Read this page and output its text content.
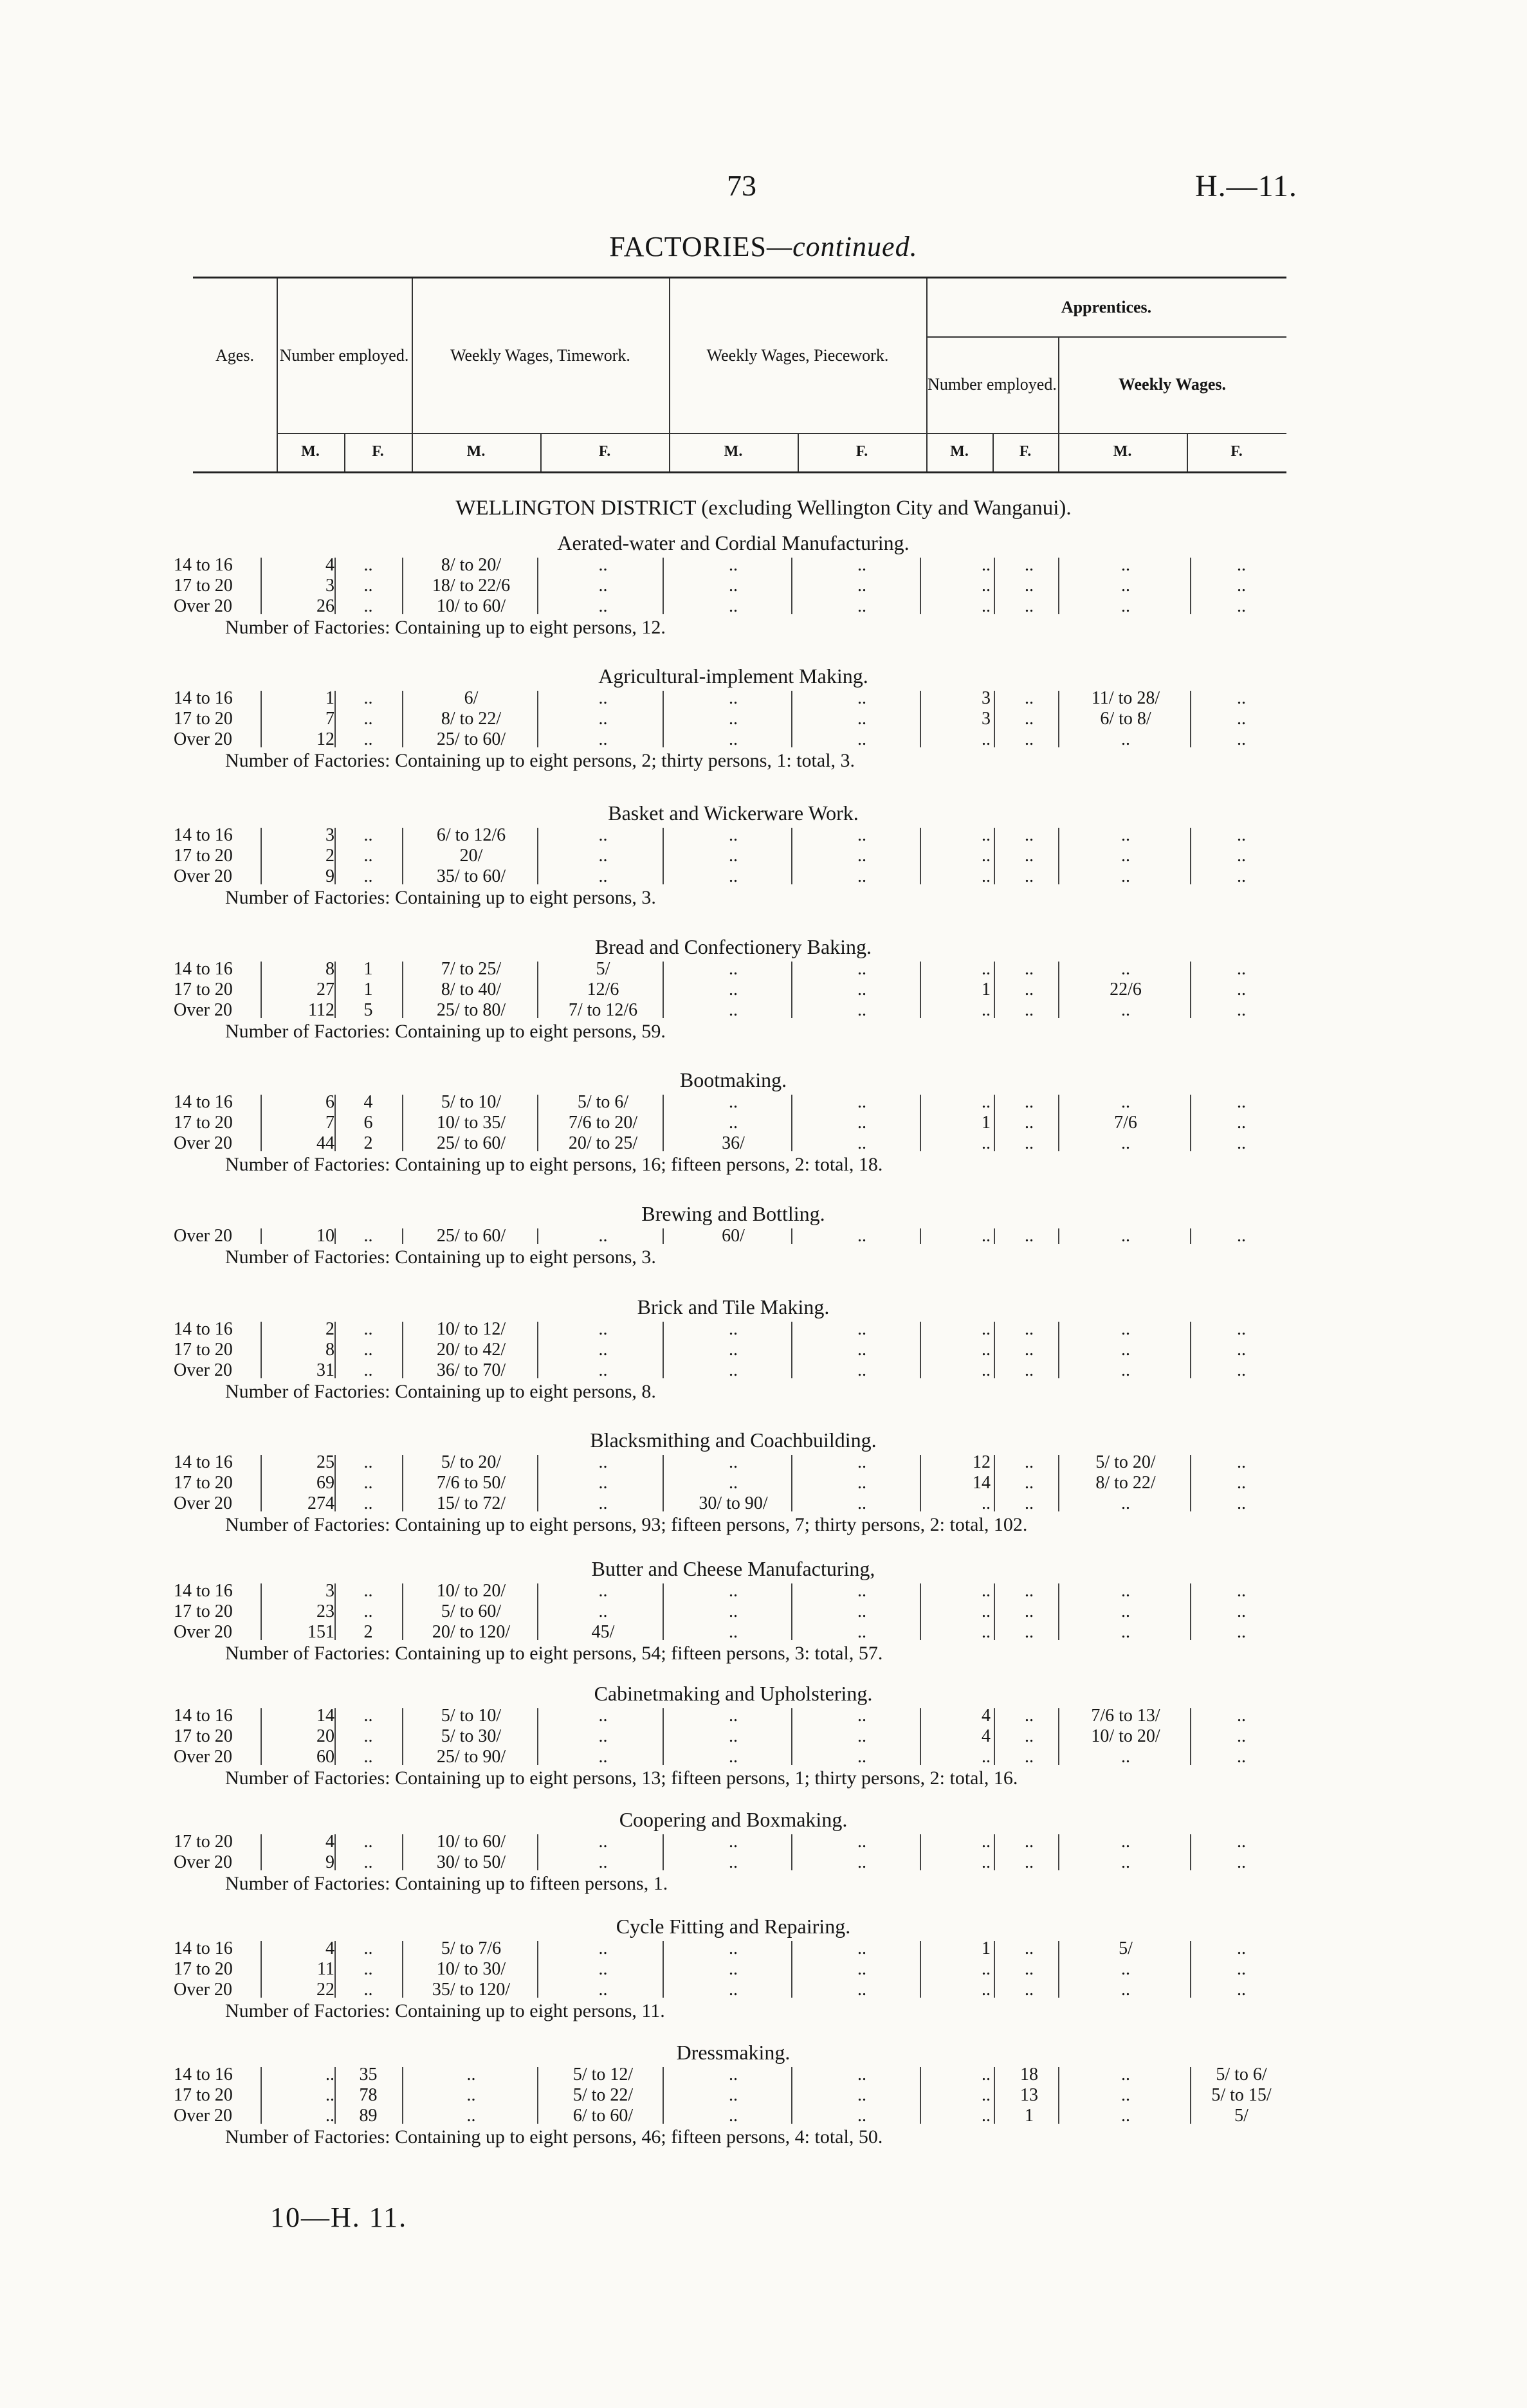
73	H.—11.
FACTORIES—continued.
Ages.	Number employed.	Weekly Wages, Timework.	Weekly Wages, Piecework.
Apprentices.
Number employed.	Weekly Wages.
M.	F.	M.	F.	M.	F.	M.	F.	M.	F.
WELLINGTON DISTRICT (excluding Wellington City and Wanganui).
Aerated-water and Cordial Manufacturing.
14 to 16	4	..	8/ to 20/	..	..	..	..	..	..	..
17 to 20	3	..	18/ to 22/6	..	..	..	..	..	..	..
Over 20	26	..	10/ to 60/	..	..	..	..	..	..	..
Number of Factories: Containing up to eight persons, 12.
Agricultural-implement Making.
14 to 16	1	..	6/	..	..	..	3	..	11/ to 28/	..
17 to 20	7	..	8/ to 22/	..	..	..	3	..	6/ to 8/	..
Over 20	12	..	25/ to 60/	..	..	..	..	..	..	..
Number of Factories: Containing up to eight persons, 2; thirty persons, 1: total, 3.
Basket and Wickerware Work.
14 to 16	3	..	6/ to 12/6	..	..	..	..	..	..	..
17 to 20	2	..	20/	..	..	..	..	..	..	..
Over 20	9	..	35/ to 60/	..	..	..	..	..	..	..
Number of Factories: Containing up to eight persons, 3.
Bread and Confectionery Baking.
14 to 16	8	1	7/ to 25/	5/	..	..	..	..	..	..
17 to 20	27	1	8/ to 40/	12/6	..	..	1	..	22/6	..
Over 20	112	5	25/ to 80/	7/ to 12/6	..	..	..	..	..	..
Number of Factories: Containing up to eight persons, 59.
Bootmaking.
14 to 16	6	4	5/ to 10/	5/ to 6/	..	..	..	..	..	..
17 to 20	7	6	10/ to 35/	7/6 to 20/	..	..	1	..	7/6	..
Over 20	44	2	25/ to 60/	20/ to 25/	36/	..	..	..	..	..
Number of Factories: Containing up to eight persons, 16; fifteen persons, 2: total, 18.
Brewing and Bottling.
Over 20	10	..	25/ to 60/	..	60/	..	..	..	..	..
Number of Factories: Containing up to eight persons, 3.
Brick and Tile Making.
14 to 16	2	..	10/ to 12/	..	..	..	..	..	..	..
17 to 20	8	..	20/ to 42/	..	..	..	..	..	..	..
Over 20	31	..	36/ to 70/	..	..	..	..	..	..	..
Number of Factories: Containing up to eight persons, 8.
Blacksmithing and Coachbuilding.
14 to 16	25	..	5/ to 20/	..	..	..	12	..	5/ to 20/	..
17 to 20	69	..	7/6 to 50/	..	..	..	14	..	8/ to 22/	..
Over 20	274	..	15/ to 72/	..	30/ to 90/	..	..	..	..	..
Number of Factories: Containing up to eight persons, 93; fifteen persons, 7; thirty persons, 2: total, 102.
Butter and Cheese Manufacturing,
14 to 16	3	..	10/ to 20/	..	..	..	..	..	..	..
17 to 20	23	..	5/ to 60/	..	..	..	..	..	..	..
Over 20	151	2	20/ to 120/	45/	..	..	..	..	..	..
Number of Factories: Containing up to eight persons, 54; fifteen persons, 3: total, 57.
Cabinetmaking and Upholstering.
14 to 16	14	..	5/ to 10/	..	..	..	4	..	7/6 to 13/	..
17 to 20	20	..	5/ to 30/	..	..	..	4	..	10/ to 20/	..
Over 20	60	..	25/ to 90/	..	..	..	..	..	..	..
Number of Factories: Containing up to eight persons, 13; fifteen persons, 1; thirty persons, 2: total, 16.
Coopering and Boxmaking.
17 to 20	4	..	10/ to 60/	..	..	..	..	..	..	..
Over 20	9	..	30/ to 50/	..	..	..	..	..	..	..
Number of Factories: Containing up to fifteen persons, 1.
Cycle Fitting and Repairing.
14 to 16	4	..	5/ to 7/6	..	..	..	1	..	5/	..
17 to 20	11	..	10/ to 30/	..	..	..	..	..	..	..
Over 20	22	..	35/ to 120/	..	..	..	..	..	..	..
Number of Factories: Containing up to eight persons, 11.
Dressmaking.
14 to 16	..	35	..	5/ to 12/	..	..	..	18	..	5/ to 6/
17 to 20	..	78	..	5/ to 22/	..	..	..	13	..	5/ to 15/
Over 20	..	89	..	6/ to 60/	..	..	..	1	..	5/
Number of Factories: Containing up to eight persons, 46; fifteen persons, 4: total, 50.
10—H. 11.
